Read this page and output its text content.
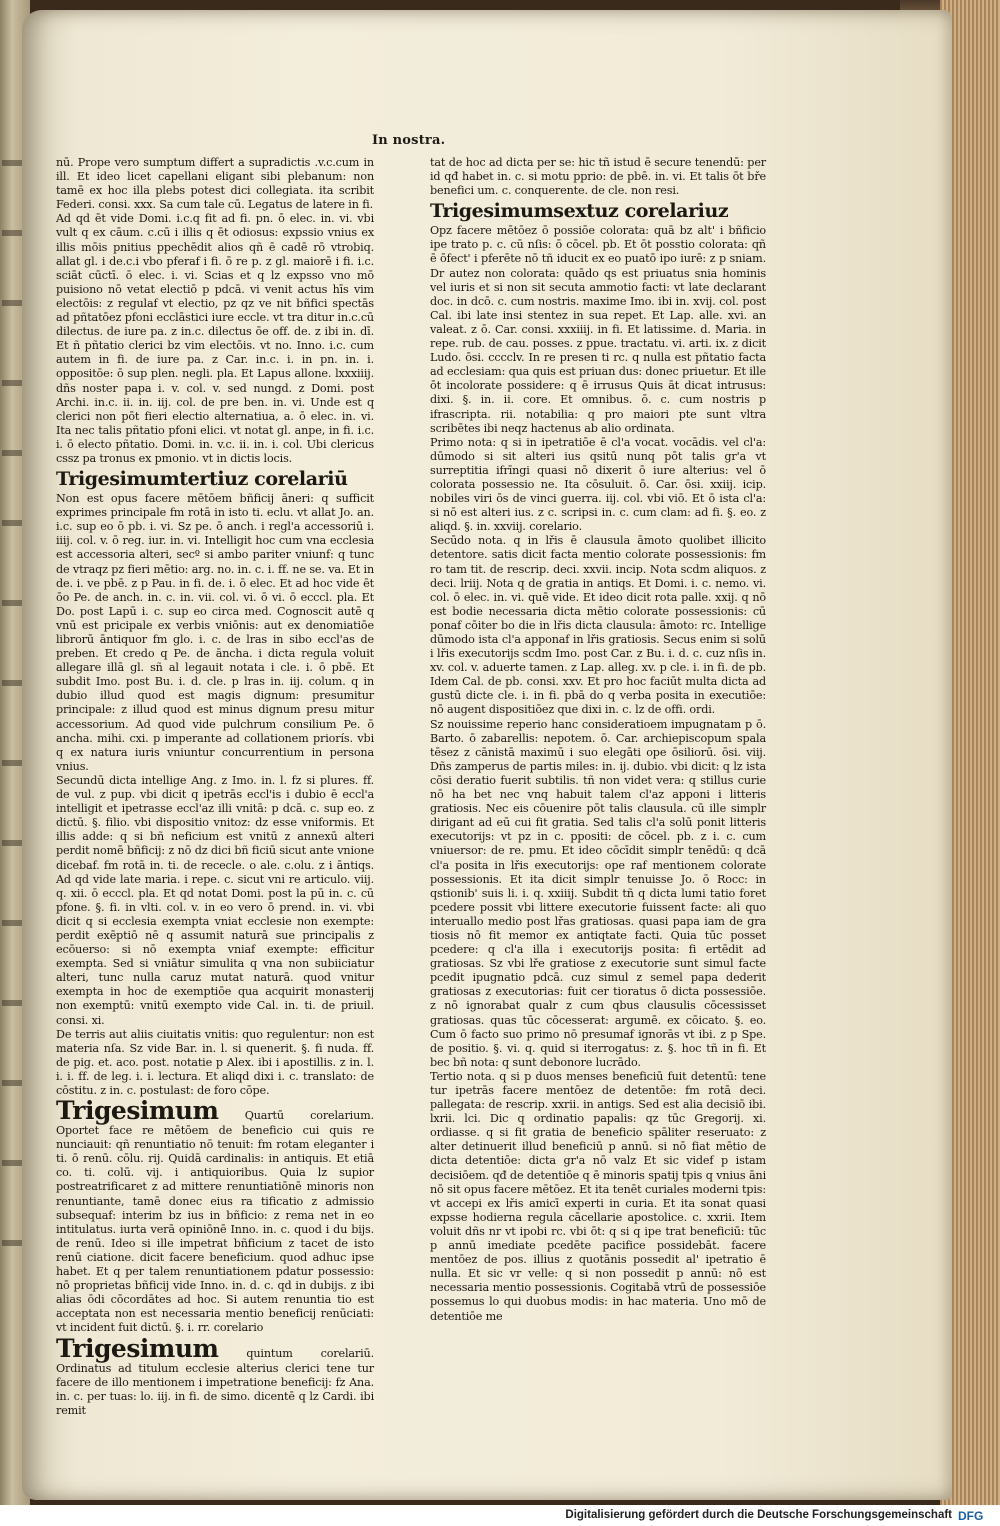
In nostra.

nū. Prope vero sumptum differt a supradictis .v.c.cum in ill. Et ideo licet capellani eligant sibi plebanum: non tamē ex hoc illa plebs potest dici collegiata. ita scribit Federi. consi. xxx. Sa cum tale cū. Legatus de latere in fi.

Ad qd ēt vide Domi. i.c.q fit ad fi. pn. ō elec. in. vi. vbi vult q ex cāum. c.cū i illis q ēt odiosus: expssio vnius ex illis mōis pnitius ppechēdit alios qñ ē cadē rō vtrobiq. allat gl. i de.c.i vbo pferaf i fi. ō re p. z gl. maiorē i fi. i.c. sciāt cūctī. ō elec. i. vi. Scias et q lz expsso vno mō puisiono nō vetat electiō p pdcā. vi venit actus hīs vim electōis: z regulaf vt electio, pz qz ve nit bñfici spectās ad pñtatōez pfoni ecclāstici iure eccle. vt tra ditur in.c.cū dilectus. de iure pa. z in.c. dilectus ōe off. de. z ibi in. dī. Et ñ pñtatio clerici bz vim electōis. vt no. Inno. i.c. cum autem in fi. de iure pa. z Car. in.c. i. in pn. in. i. oppositōe: ō sup plen. negli. pla. Et Lapus allone. lxxxiiij. dñs noster papa i. v. col. v. sed nungd. z Domi. post Archi. in.c. ii. in. iij. col. de pre ben. in. vi. Unde est q clerici non pōt fieri electio alternatiua, a. ō elec. in. vi. Ita nec talis pñtatio pfoni elici. vt notat gl. anpe, in fi. i.c. i. ō electo pñtatio. Domi. in. v.c. ii. in. i. col. Ubi clericus cssz pa tronus ex pmonio. vt in dictis locis.

Trigesimumtertiuz corelariū

Non est opus facere mētōem bñficij āneri: q sufficit exprimes principale fm rotā in isto ti. eclu. vt allat Jo. an. i.c. sup eo ō pb. i. vi. Sz pe. ō anch. i regl'a accessoriū i. iiij. col. v. ō reg. iur. in. vi. Intelligit hoc cum vna ecclesia est accessoria alteri, secº si ambo pariter vniunf: q tunc de vtraqz pz fieri mētio: arg. no. in. c. i. ff. ne se. va. Et in de. i. ve pbē. z p Pau. in fi. de. i. ō elec. Et ad hoc vide ēt ōo Pe. de anch. in. c. in. vii. col. vi. ō vi. ō ecccl. pla. Et Do. post Lapū i. c. sup eo circa med. Cognoscit autē q vnū est pricipale ex verbis vniōnis: aut ex denomiatiōe librorū āntiquor fm glo. i. c. de lras in sibo eccl'as de preben. Et credo q Pe. de āncha. i dicta regula voluit allegare illā gl. sñ al legauit notata i cle. i. ō pbē. Et subdit Imo. post Bu. i. d. cle. p lras in. iij. colum. q in dubio illud quod est magis dignum: presumitur principale: z illud quod est minus dignum presu mitur accessorium. Ad quod vide pulchrum consilium Pe. ō ancha. mihi. cxi. p imperante ad collationem priorís. vbi q ex natura iuris vniuntur concurrentium in persona vnius.

Secundū dicta intellige Ang. z Imo. in. l. fz si plures. ff. de vul. z pup. vbi dicit q ipetrās eccl'is i dubio ē eccl'a intelligit et ipetrasse eccl'az illi vnitā: p dcā. c. sup eo. z dictū. §. filio. vbi dispositio vnitoz: dz esse vniformis. Et illis adde: q si bñ neficium est vnitū z annexū alteri perdit nomē bñficij: z nō dz dici bñ ficiū sicut ante vnione dicebaf. fm rotā in. ti. de rececle. o ale. c.olu. z i āntiqs. Ad qd vide late maria. i repe. c. sicut vni re articulo. viij. q. xii. ō ecccl. pla. Et qd notat Domi. post la pū in. c. cū pfone. §. fi. in vlti. col. v. in eo vero ō prend. in. vi. vbi dicit q si ecclesia exempta vniat ecclesie non exempte: perdit exēptiō nē q assumit naturā sue principalis z ecōuerso: si nō exempta vniaf exempte: efficitur exempta. Sed si vniātur simulita q vna non subiiciatur alteri, tunc nulla caruz mutat naturā. quod vnitur exempta in hoc de exemptiōe qua acquirit monasterij non exemptū: vnitū exempto vide Cal. in. ti. de priuil. consi. xi.

De terris aut aliis ciuitatis vnitis: quo regulentur: non est materia nſa. Sz vide Bar. in. l. si quenerit. §. fi nuda. ff. de pig. et. aco. post. notatie p Alex. ibi i apostillis. z in. l. i. i. ff. de leg. i. i. lectura. Et aliqd dixi i. c. translato: de cōstitu. z in. c. postulast: de foro cōpe.

Trigesimum Quartū corelarium. Oportet face re mētōem de beneficio cui quis re nunciauit: qñ renuntiatio nō tenuit: fm rotam eleganter i ti. ō renū. cōlu. rij. Quidā cardinalis: in antiquis. Et etiā co. ti. colū. vij. i antiquioribus. Quia lz supior postreatrificaret z ad mittere renuntiatiōnē minoris non renuntiante, tamē donec eius ra tificatio z admissio subsequaf: interim bz ius in bñficio: z rema net in eo intitulatus. iurta verā opiniōnē Inno. in. c. quod i du bijs. de renū. Ideo si ille impetrat bñficium z tacet de isto renū ciatione. dicit facere beneficium. quod adhuc ipse habet. Et q per talem renuntiationem pdatur possessio: nō proprietas bñficij vide Inno. in. d. c. qd in dubijs. z ibi alias ōdi cōcordātes ad hoc. Si autem renuntia tio est acceptata non est necessaria mentio beneficij renūciati: vt incident fuit dictū. §. i. rr. corelario

Trigesimum quintum corelariū. Ordinatus ad titulum ecclesie alterius clerici tene tur facere de illo mentionem i impetratione beneficij: fz Ana. in. c. per tuas: lo. iij. in fi. de simo. dicentē q lz Cardi. ibi remit

tat de hoc ad dicta per se: hic tñ istud ē secure tenendū: per id qđ habet in. c. si motu pprio: de pbē. in. vi. Et talis ōt bře benefici um. c. conquerente. de cle. non resi.

Trigesimumsextuz corelariuz

Opz facere mētōez ō possiōe colorata: quā bz alt' i bñficio ipe trato p. c. cū nſis: ō cōcel. pb. Et ōt posstio colorata: qñ ē ōfect' i pferēte nō tñ iducit ex eo puatō ipo iurē: z p sniam. Dr autez non colorata: quādo qs est priuatus snia hominis vel iuris et si non sit secuta ammotio facti: vt late declarant doc. in dcō. c. cum nostris. maxime Imo. ibi in. xvij. col. post Cal. ibi late insi stentez in sua repet. Et Lap. alle. xvi. an valeat. z ō. Car. consi. xxxiiij. in fi. Et latissime. d. Maria. in repe. rub. de cau. posses. z ppue. tractatu. vi. arti. ix. z dicit Ludo. ōsi. cccclv. In re presen ti rc. q nulla est pñtatio facta ad ecclesiam: qua quis est priuan dus: donec priuetur. Et ille ōt incolorate possidere: q ē irrusus Quis āt dicat intrusus: dixi. §. in. ii. core. Et omnibus. ō. c. cum nostris p ifrascripta. rii. notabilia: q pro maiori pte sunt vltra scribētes ibi neqz hactenus ab alio ordinata.

Primo nota: q si in ipetratiōe ē cl'a vocat. vocādis. vel cl'a: dūmodo si sit alteri ius qsitū nunq pōt talis gr'a vt surreptitia ifrīngi quasi nō dixerit ō iure alterius: vel ō colorata possessio ne. Ita cōsuluit. ō. Car. ōsi. xxiij. icip. nobiles viri ōs de vinci guerra. iij. col. vbi viō. Et ō ista cl'a: si nō est alteri ius. z c. scripsi in. c. cum clam: ad fi. §. eo. z aliqd. §. in. xxviij. corelario.

Secūdo nota. q in lřis ē clausula āmoto quolibet illicito detentore. satis dicit facta mentio colorate possessionis: fm ro tam tit. de rescrip. deci. xxvii. incip. Nota scdm aliquos. z deci. lriij. Nota q de gratia in antiqs. Et Domi. i. c. nemo. vi. col. ō elec. in. vi. quē vide. Et ideo dicit rota palle. xxij. q nō est bodie necessaria dicta mētio colorate possessionis: cū ponaf cōiter bo die in lřis dicta clausula: āmoto: rc. Intellige dūmodo ista cl'a apponaf in lřis gratiosis. Secus enim si solū i lřis executorijs scdm Imo. post Car. z Bu. i. d. c. cuz nſis in. xv. col. v. aduerte tamen. z Lap. alleg. xv. p cle. i. in fi. de pb. Idem Cal. de pb. consi. xxv. Et pro hoc faciūt multa dicta ad gustū dicte cle. i. in fi. pbā do q verba posita in executiōe: nō augent dispositiōez que dixi in. c. lz de offi. ordi.

Sz nouissime reperio hanc consideratioem impugnatam p ō. Barto. ō zabarellis: nepotem. ō. Car. archiepiscopum spala tēsez z cānistā maximū i suo elegāti ope ōsiliorū. ōsi. viij. Dñs zamperus de partis miles: in. ij. dubio. vbi dicit: q lz ista cōsi deratio fuerit subtilis. tñ non videt vera: q stillus curie nō ha bet nec vnq habuit talem cl'az apponi i litteris gratiosis. Nec eis cōuenire pōt talis clausula. cū ille simplr dirigant ad eū cui fit gratia. Sed talis cl'a solū ponit litteris executorijs: vt pz in c. ppositi: de cōcel. pb. z i. c. cum vniuersor: de re. pmu. Et ideo cōcīdit simplr tenēdū: q dcā cl'a posita in lřis executorijs: ope raf mentionem colorate possessionis. Et ita dicit simplr tenuisse Jo. ō Rocc: in qstionib' suis li. i. q. xxiiij. Subdit tñ q dicta lumi tatio foret pcedere possit vbi littere executorie fuissent facte: ali quo interuallo medio post lřas gratiosas. quasi papa iam de gra tiosis nō fit memor ex antiqtate facti. Quia tūc posset pcedere: q cl'a illa i executorijs posita: fi ertēdit ad gratiosas. Sz vbi lře gratiose z executorie sunt simul facte pcedit ipugnatio pdcā. cuz simul z semel papa dederit gratiosas z executorias: fuit cer tioratus ō dicta possessiōe. z nō ignorabat qualr z cum qbus clausulis cōcessisset gratiosas. quas tūc cōcesserat: argumē. ex cōicato. §. eo. Cum ō facto suo primo nō presumaf ignorās vt ibi. z p Spe. de positio. §. vi. q. quid si iterrogatus: z. §. hoc tñ in fi. Et bec bñ nota: q sunt debonore lucrādo.

Tertio nota. q si p duos menses beneficiū fuit detentū: tene tur ipetrās facere mentōez de detentōe: fm rotā deci. pallegata: de rescrip. xxrii. in antigs. Sed est alia decisiō ibi. lxrii. lci. Dic q ordinatio papalis: qz tūc Gregorij. xi. ordiasse. q si fit gratia de beneficio spāliter reseruato: z alter detinuerit illud beneficiū p annū. si nō fiat mētio de dicta detentiōe: dicta gr'a nō valz Et sic videf p istam decisiōem. qđ de detentiōe q ē minoris spatij tpis q vnius āni nō sit opus facere mētōez. Et ita tenēt curiales moderni tpis: vt accepi ex lřis amicī experti in curia. Et ita sonat quasi expsse hodierna regula cācellarie apostolice. c. xxrii. Item voluit dñs nr vt ipobi rc. vbi ōt: q si q ipe trat beneficiū: tūc p annū imediate pcedēte pacifice possidebāt. facere mentōez de pos. illius z quotānis possedit al' ipetratio ē nulla. Et sic vr velle: q si non possedit p annū: nō est necessaria mentio possessionis. Cogitabā vtrū de possessiōe possemus lo qui duobus modis: in hac materia. Uno mō de detentiōe me

Digitalisierung gefördert durch die Deutsche Forschungsgemeinschaft DFG
